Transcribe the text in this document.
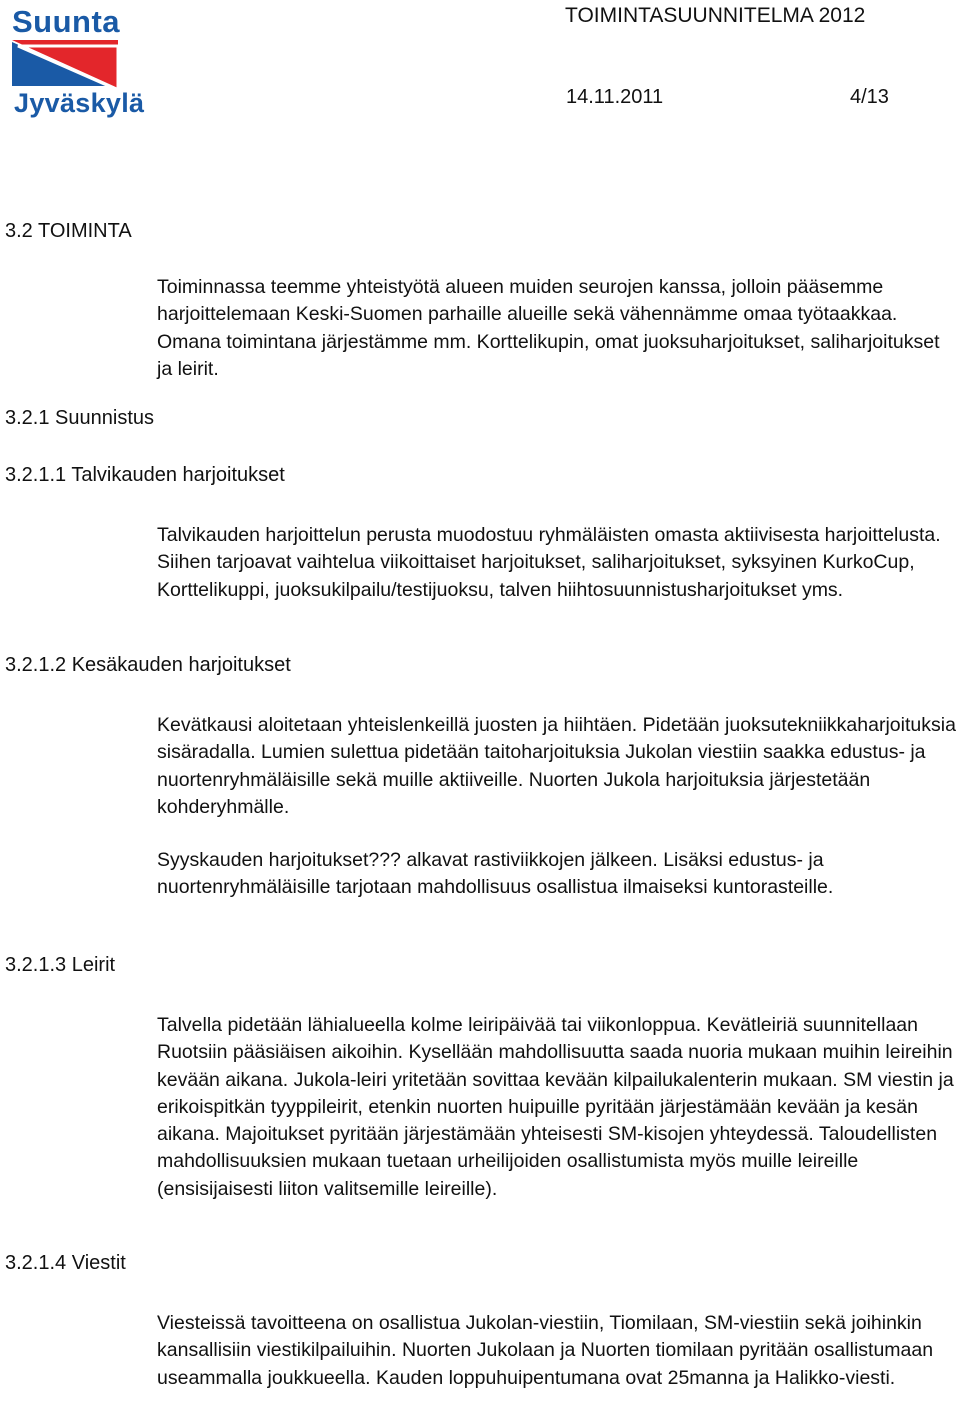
Suunta
Jyväskylä
TOIMINTASUUNNITELMA 2012
14.11.2011	4/13
3.2 TOIMINTA

Toiminnassa teemme yhteistyötä alueen muiden seurojen kanssa, jolloin pääsemme harjoittelemaan Keski-Suomen parhaille alueille sekä vähennämme omaa työtaakkaa. Omana toimintana järjestämme mm. Korttelikupin, omat juoksuharjoitukset, saliharjoitukset ja leirit.

3.2.1 Suunnistus
3.2.1.1 Talvikauden harjoitukset

Talvikauden harjoittelun perusta muodostuu ryhmäläisten omasta aktiivisesta harjoittelusta. Siihen tarjoavat vaihtelua viikoittaiset harjoitukset, saliharjoitukset, syksyinen KurkoCup, Korttelikuppi, juoksukilpailu/testijuoksu, talven hiihtosuunnistusharjoitukset yms.

3.2.1.2 Kesäkauden harjoitukset

Kevätkausi aloitetaan yhteislenkeillä juosten ja hiihtäen. Pidetään juoksutekniikkaharjoituksia sisäradalla. Lumien sulettua pidetään taitoharjoituksia Jukolan viestiin saakka edustus- ja nuortenryhmäläisille sekä muille aktiiveille. Nuorten Jukola harjoituksia järjestetään kohderyhmälle.

Syyskauden harjoitukset??? alkavat rastiviikkojen jälkeen. Lisäksi edustus- ja nuortenryhmäläisille tarjotaan mahdollisuus osallistua ilmaiseksi kuntorasteille.

3.2.1.3 Leirit

Talvella pidetään lähialueella kolme leiripäivää tai viikonloppua. Kevätleiriä suunnitellaan Ruotsiin pääsiäisen aikoihin. Kysellään mahdollisuutta saada nuoria mukaan muihin leireihin kevään aikana. Jukola-leiri yritetään sovittaa kevään kilpailukalenterin mukaan. SM viestin ja erikoispitkän tyyppileirit, etenkin nuorten huipuille pyritään järjestämään kevään ja kesän aikana. Majoitukset pyritään järjestämään yhteisesti SM-kisojen yhteydessä. Taloudellisten mahdollisuuksien mukaan tuetaan urheilijoiden osallistumista myös muille leireille (ensisijaisesti liiton valitsemille leireille).

3.2.1.4 Viestit

Viesteissä tavoitteena on osallistua Jukolan-viestiin, Tiomilaan, SM-viestiin sekä joihinkin kansallisiin viestikilpailuihin. Nuorten Jukolaan ja Nuorten tiomilaan pyritään osallistumaan useammalla joukkueella. Kauden loppuhuipentumana ovat 25manna ja Halikko-viesti.
